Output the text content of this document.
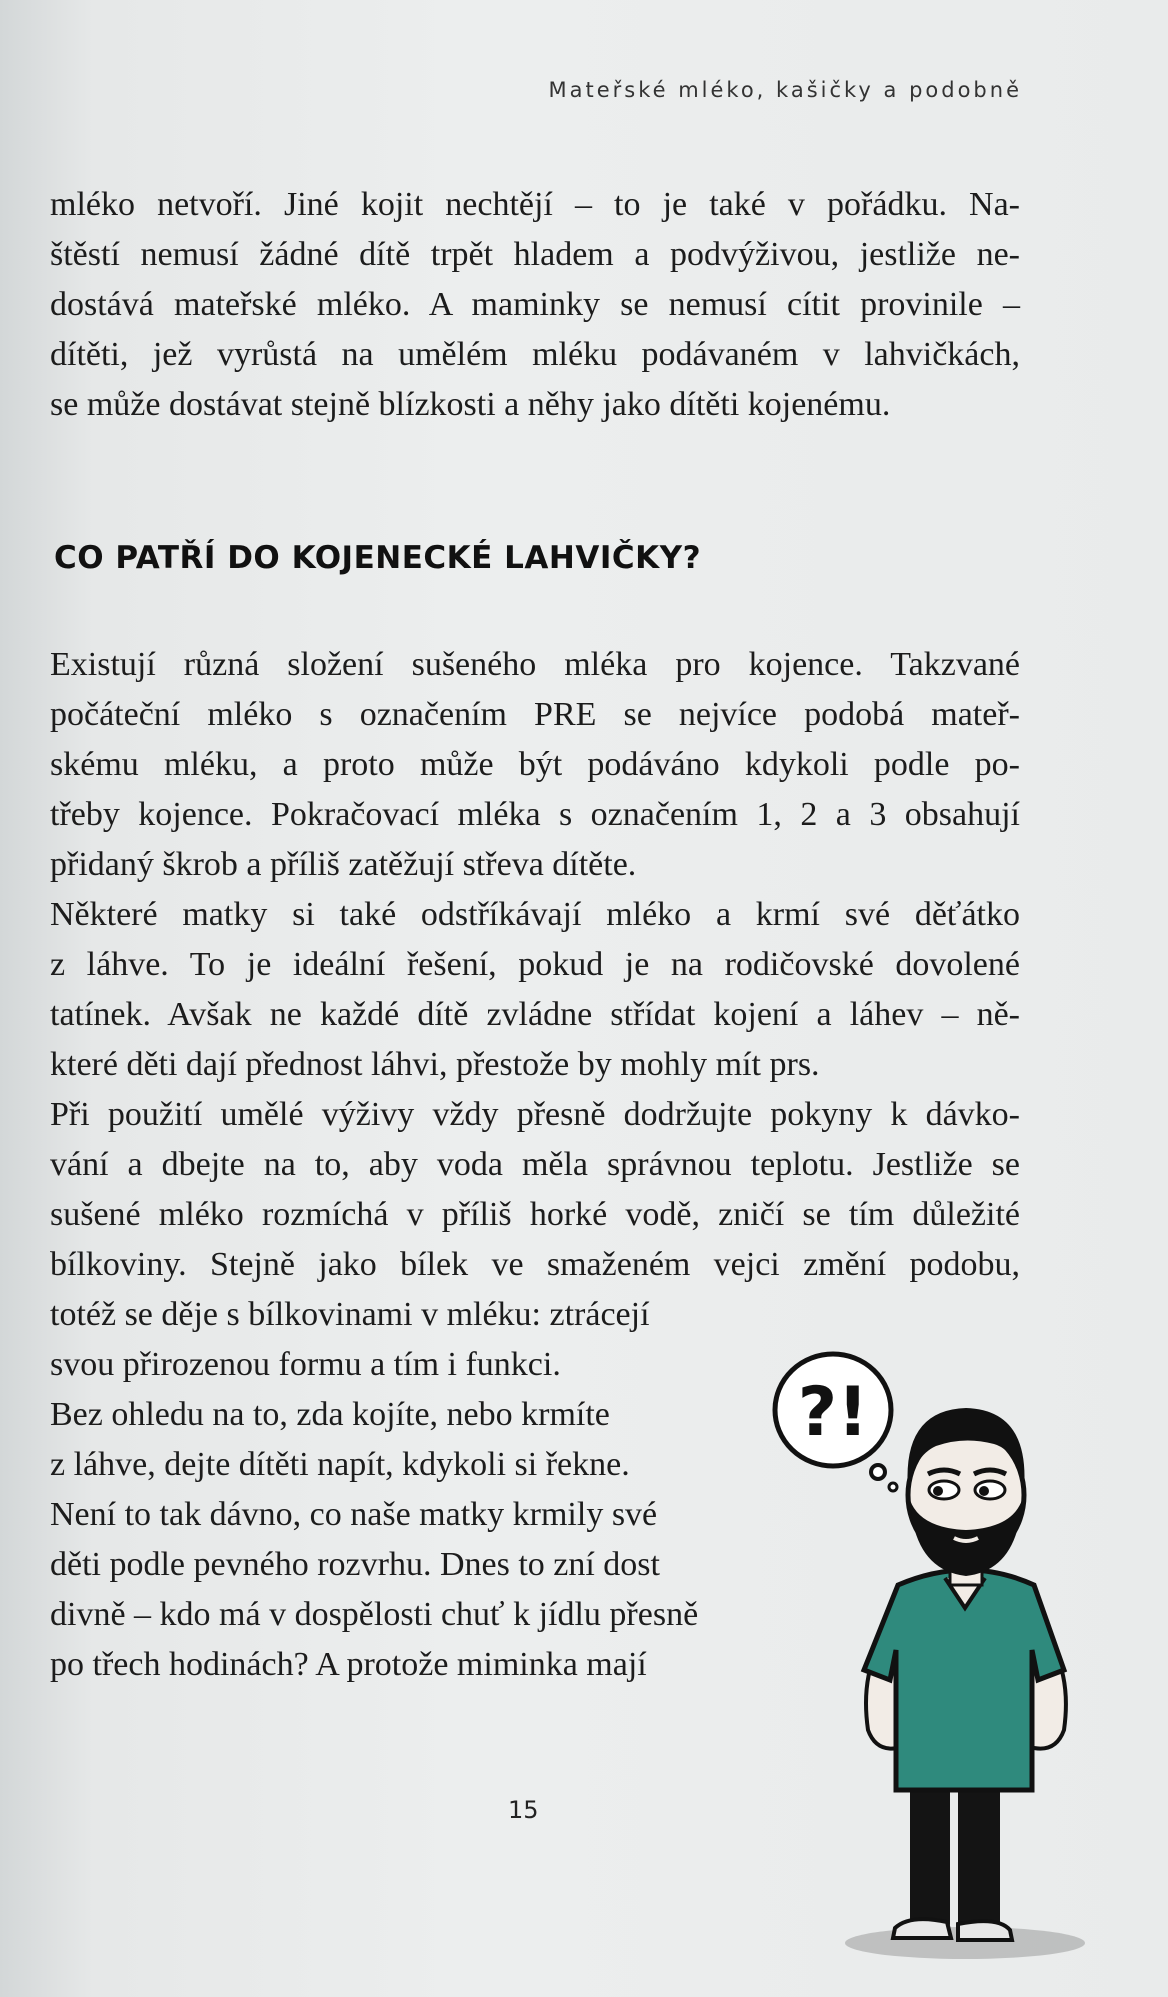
Mateřské mléko, kašičky a podobně

mléko netvoří. Jiné kojit nechtějí – to je také v pořádku. Na-
štěstí nemusí žádné dítě trpět hladem a podvýživou, jestliže ne-
dostává mateřské mléko. A maminky se nemusí cítit provinile –
dítěti, jež vyrůstá na umělém mléku podávaném v lahvičkách,
se může dostávat stejně blízkosti a něhy jako dítěti kojenému.

CO PATŘÍ DO KOJENECKÉ LAHVIČKY?

Existují různá složení sušeného mléka pro kojence. Takzvané
počáteční mléko s označením PRE se nejvíce podobá mateř-
skému mléku, a proto může být podáváno kdykoli podle po-
třeby kojence. Pokračovací mléka s označením 1, 2 a 3 obsahují
přidaný škrob a příliš zatěžují střeva dítěte.

Některé matky si také odstříkávají mléko a krmí své děťátko
z láhve. To je ideální řešení, pokud je na rodičovské dovolené
tatínek. Avšak ne každé dítě zvládne střídat kojení a láhev – ně-
které děti dají přednost láhvi, přestože by mohly mít prs.

Při použití umělé výživy vždy přesně dodržujte pokyny k dávko-
vání a dbejte na to, aby voda měla správnou teplotu. Jestliže se
sušené mléko rozmíchá v příliš horké vodě, zničí se tím důležité
bílkoviny. Stejně jako bílek ve smaženém vejci změní podobu,

totéž se děje s bílkovinami v mléku: ztrácejí
svou přirozenou formu a tím i funkci.

Bez ohledu na to, zda kojíte, nebo krmíte
z láhve, dejte dítěti napít, kdykoli si řekne.

Není to tak dávno, co naše matky krmily své
děti podle pevného rozvrhu. Dnes to zní dost
divně – kdo má v dospělosti chuť k jídlu přesně
po třech hodinách? A protože miminka mají

?!
15
